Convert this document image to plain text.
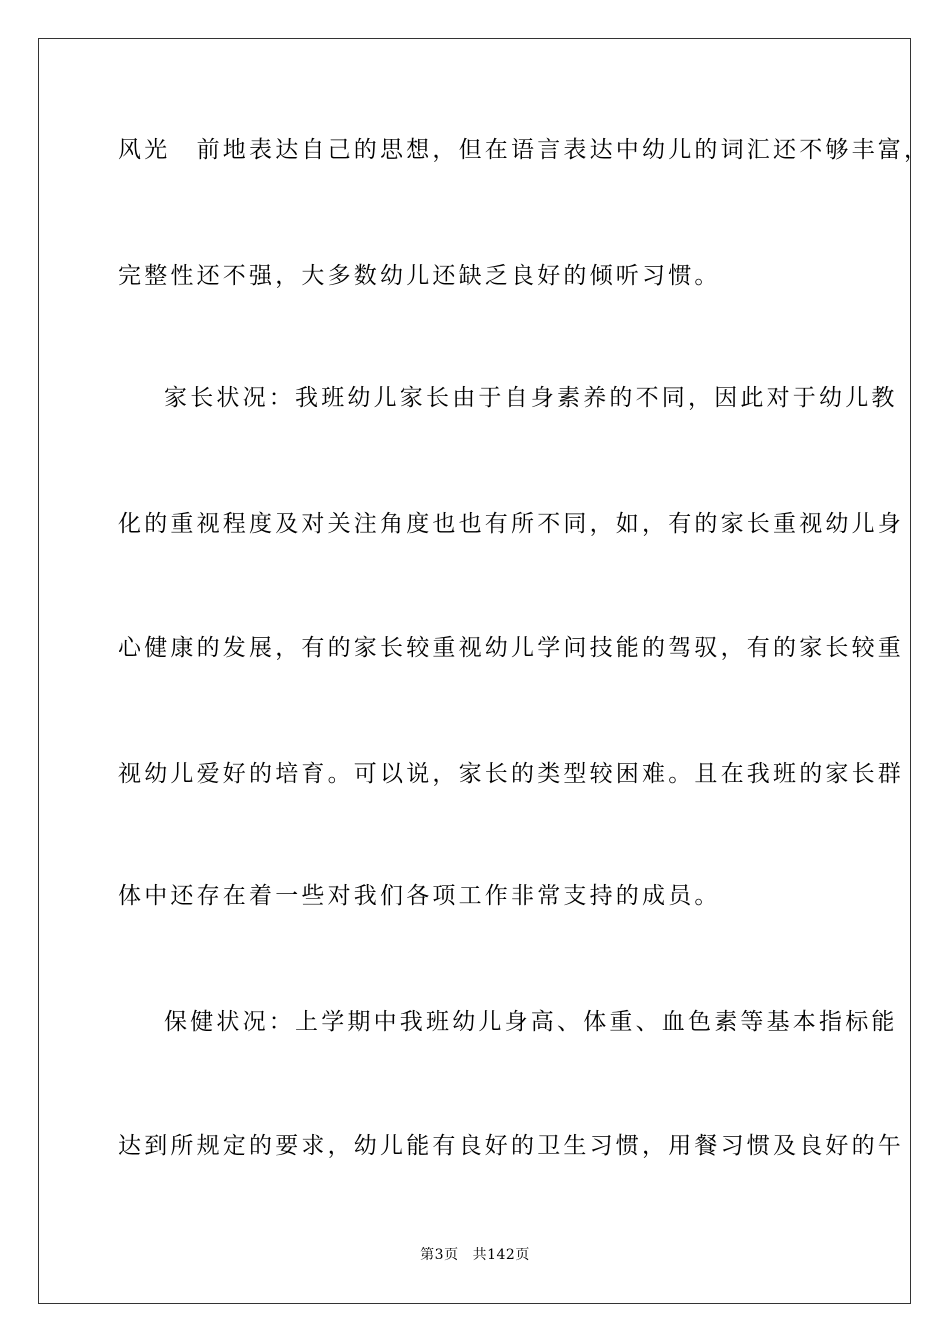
风光　前地表达自己的思想，但在语言表达中幼儿的词汇还不够丰富，
完整性还不强，大多数幼儿还缺乏良好的倾听习惯。
家长状况：我班幼儿家长由于自身素养的不同，因此对于幼儿教
化的重视程度及对关注角度也也有所不同，如，有的家长重视幼儿身
心健康的发展，有的家长较重视幼儿学问技能的驾驭，有的家长较重
视幼儿爱好的培育。可以说，家长的类型较困难。且在我班的家长群
体中还存在着一些对我们各项工作非常支持的成员。
保健状况：上学期中我班幼儿身高、体重、血色素等基本指标能
达到所规定的要求，幼儿能有良好的卫生习惯，用餐习惯及良好的午
第3页 共142页
